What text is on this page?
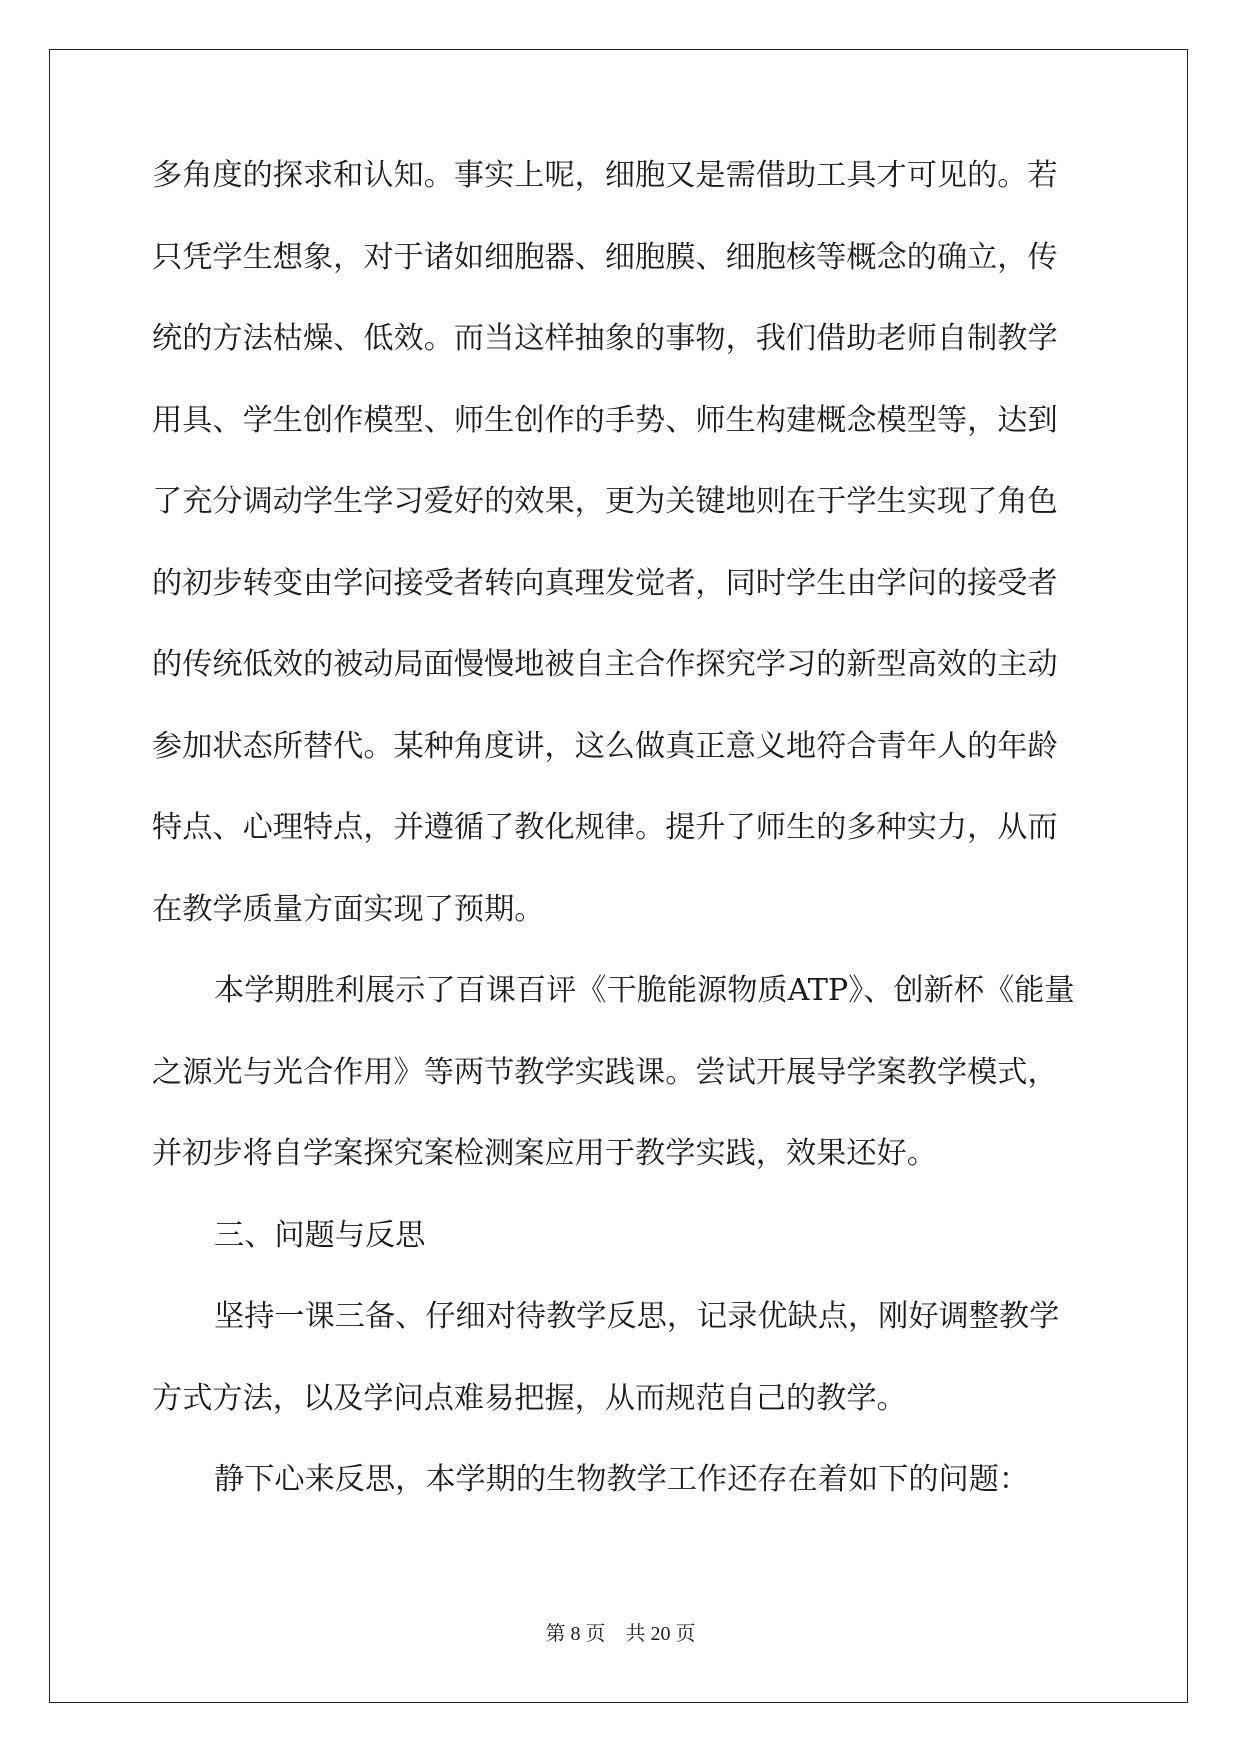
多角度的探求和认知。事实上呢，细胞又是需借助工具才可见的。若
只凭学生想象，对于诸如细胞器、细胞膜、细胞核等概念的确立，传
统的方法枯燥、低效。而当这样抽象的事物，我们借助老师自制教学
用具、学生创作模型、师生创作的手势、师生构建概念模型等，达到
了充分调动学生学习爱好的效果，更为关键地则在于学生实现了角色
的初步转变由学问接受者转向真理发觉者，同时学生由学问的接受者
的传统低效的被动局面慢慢地被自主合作探究学习的新型高效的主动
参加状态所替代。某种角度讲，这么做真正意义地符合青年人的年龄
特点、心理特点，并遵循了教化规律。提升了师生的多种实力，从而
在教学质量方面实现了预期。
本学期胜利展示了百课百评《干脆能源物质ATP》、创新杯《能量
之源光与光合作用》等两节教学实践课。尝试开展导学案教学模式，
并初步将自学案探究案检测案应用于教学实践，效果还好。
三、问题与反思
坚持一课三备、仔细对待教学反思，记录优缺点，刚好调整教学
方式方法，以及学问点难易把握，从而规范自己的教学。
静下心来反思，本学期的生物教学工作还存在着如下的问题：
第 8 页    共 20 页
